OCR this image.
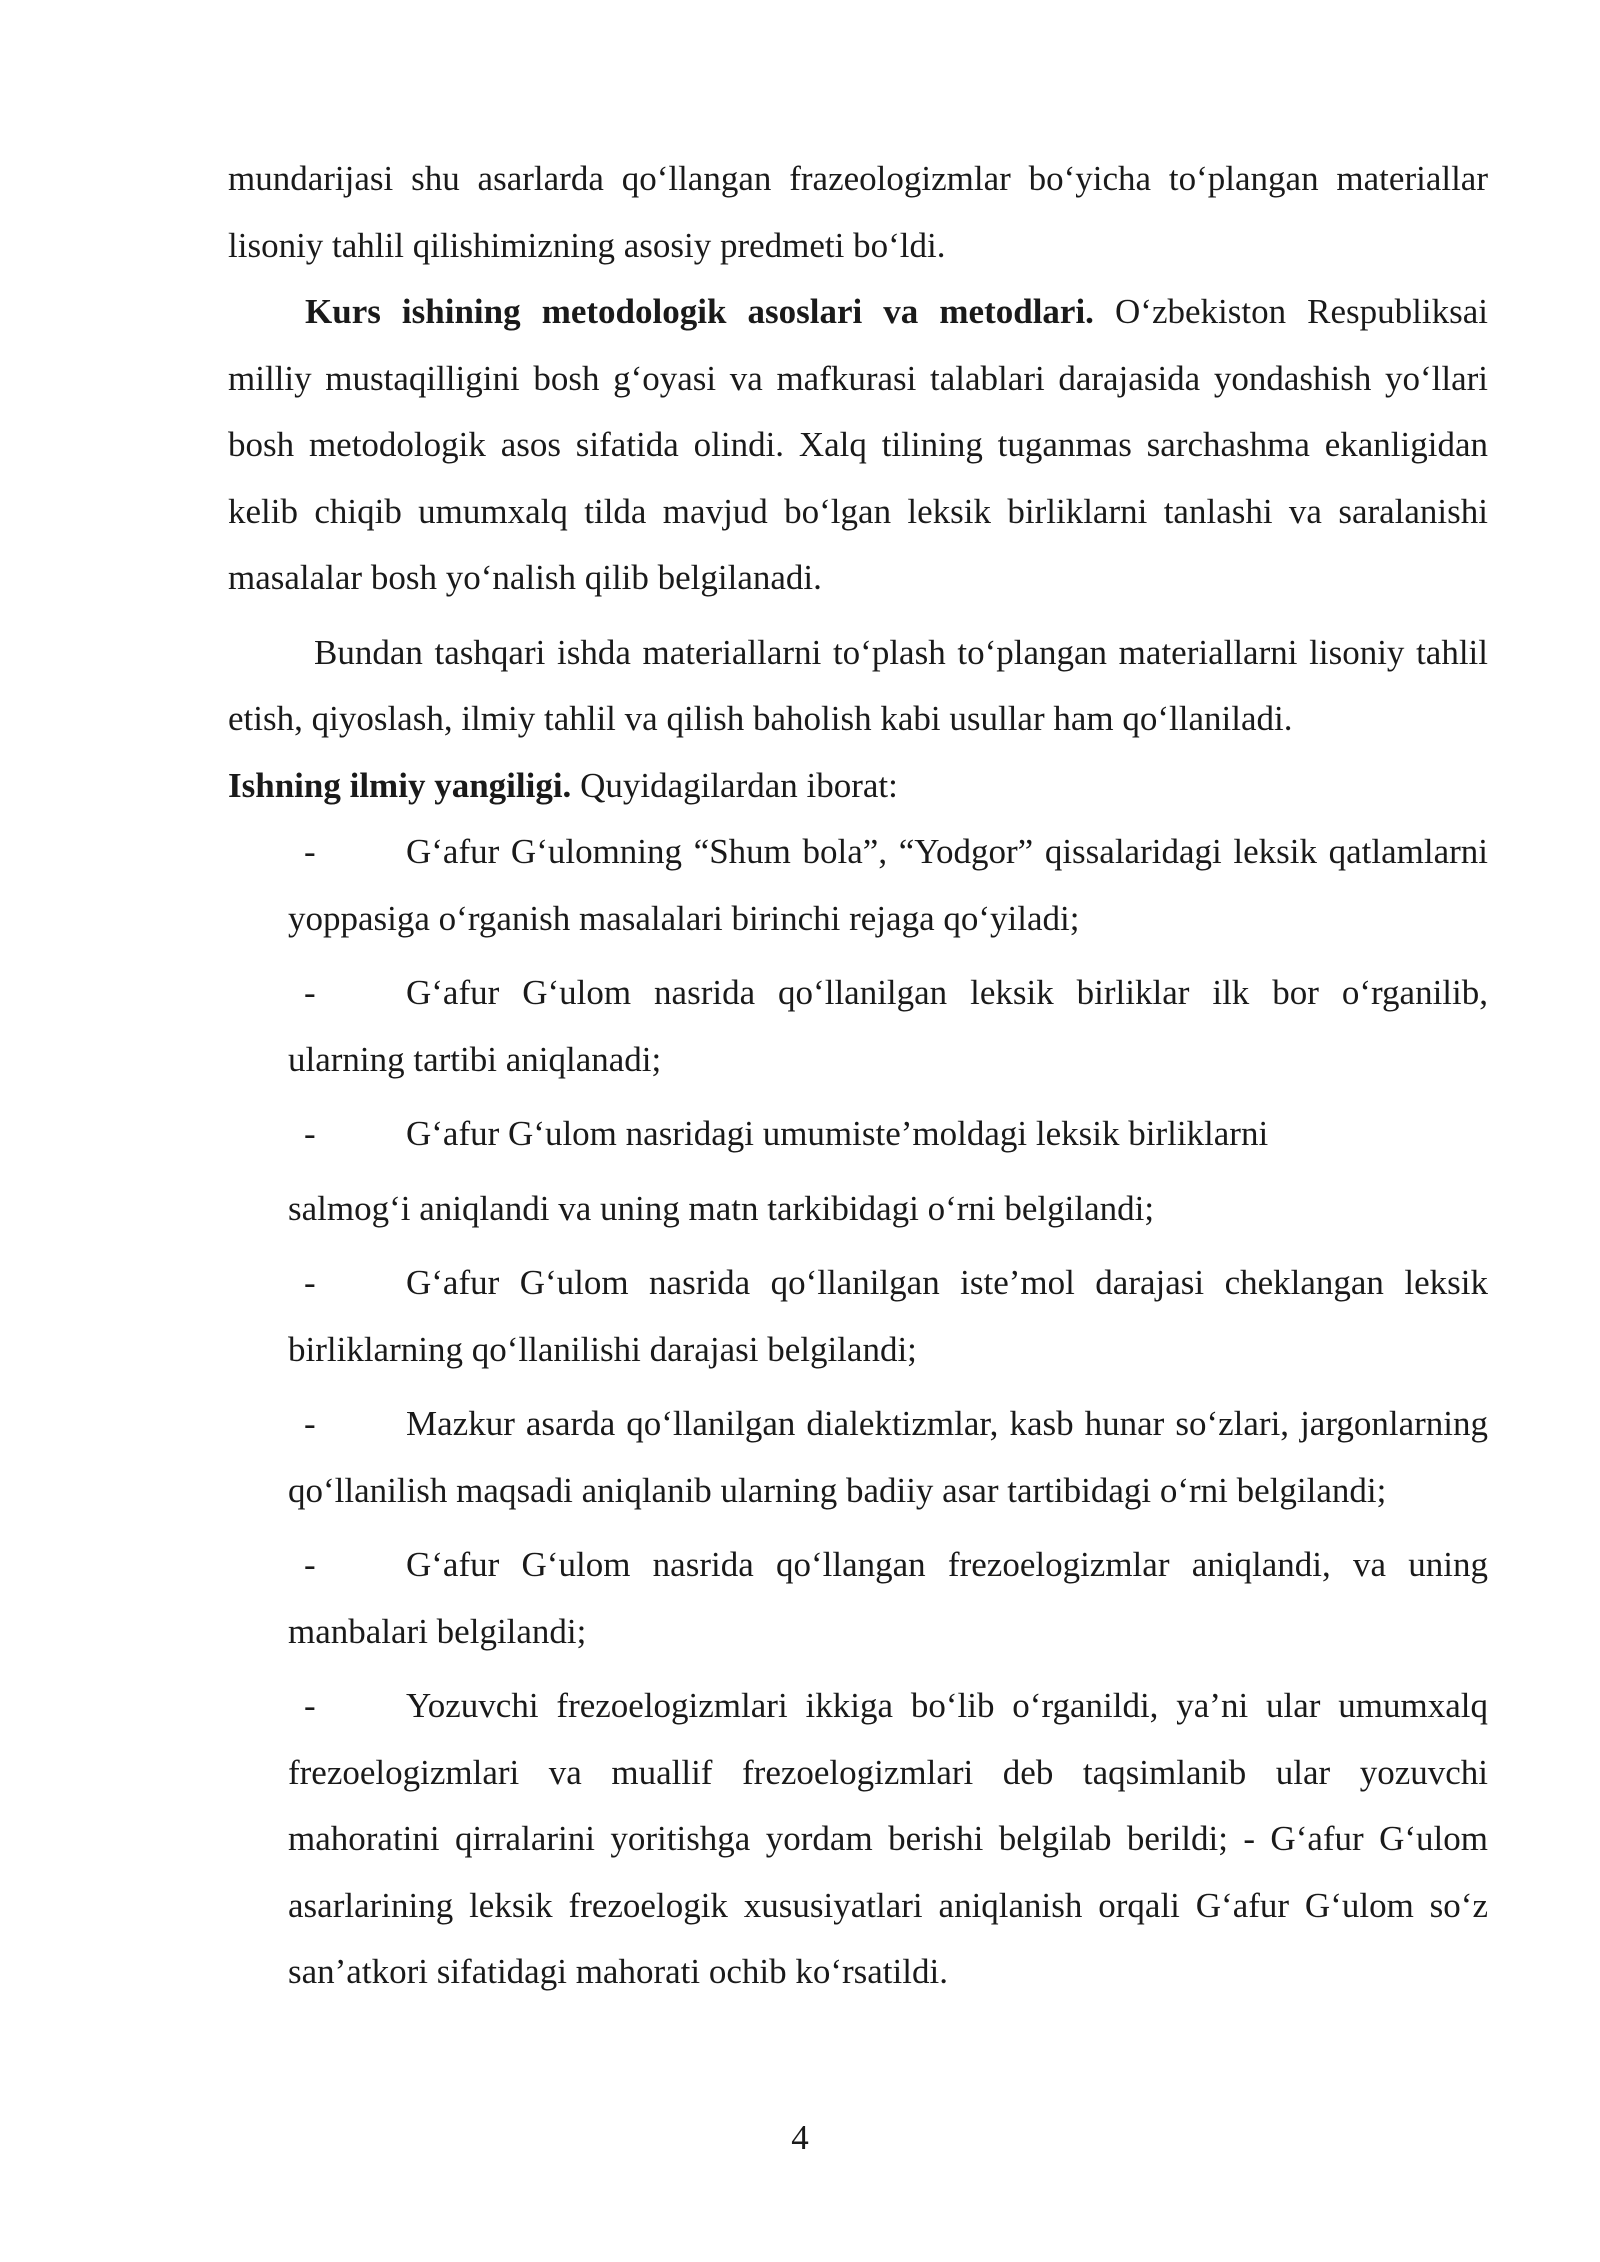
mundarijasi shu asarlarda qo‘llangan frazeologizmlar bo‘yicha to‘plangan materiallar lisoniy tahlil qilishimizning asosiy predmeti bo‘ldi.

Kurs ishining metodologik asoslari va metodlari. O‘zbekiston Respubliksai milliy mustaqilligini bosh g‘oyasi va mafkurasi talablari darajasida yondashish yo‘llari bosh metodologik asos sifatida olindi. Xalq tilining tuganmas sarchashma ekanligidan kelib chiqib umumxalq tilda mavjud bo‘lgan leksik birliklarni tanlashi va saralanishi masalalar bosh yo‘nalish qilib belgilanadi.

Bundan tashqari ishda materiallarni to‘plash to‘plangan materiallarni lisoniy tahlil etish, qiyoslash, ilmiy tahlil va qilish baholish kabi usullar ham qo‘llaniladi.

Ishning ilmiy yangiligi. Quyidagilardan iborat:

-	G‘afur G‘ulomning “Shum bola”, “Yodgor” qissalaridagi leksik qatlamlarni yoppasiga o‘rganish masalalari birinchi rejaga qo‘yiladi;

-	G‘afur G‘ulom nasrida qo‘llanilgan leksik birliklar ilk bor o‘rganilib, ularning tartibi aniqlanadi;

-	G‘afur G‘ulom nasridagi umumiste’moldagi leksik birliklarni

salmog‘i aniqlandi va uning matn tarkibidagi o‘rni belgilandi;

-	G‘afur G‘ulom nasrida qo‘llanilgan iste’mol darajasi cheklangan leksik birliklarning qo‘llanilishi darajasi belgilandi;

-	Mazkur asarda qo‘llanilgan dialektizmlar, kasb hunar so‘zlari, jargonlarning qo‘llanilish maqsadi aniqlanib ularning badiiy asar tartibidagi o‘rni belgilandi;

-	G‘afur G‘ulom nasrida qo‘llangan frezoelogizmlar aniqlandi, va uning manbalari belgilandi;

-	Yozuvchi frezoelogizmlari ikkiga bo‘lib o‘rganildi, ya’ni ular umumxalq frezoelogizmlari va muallif frezoelogizmlari deb taqsimlanib ular yozuvchi mahoratini qirralarini yoritishga yordam berishi belgilab berildi; - G‘afur G‘ulom asarlarining leksik frezoelogik xususiyatlari aniqlanish orqali G‘afur G‘ulom so‘z san’atkori sifatidagi mahorati ochib ko‘rsatildi.

4
